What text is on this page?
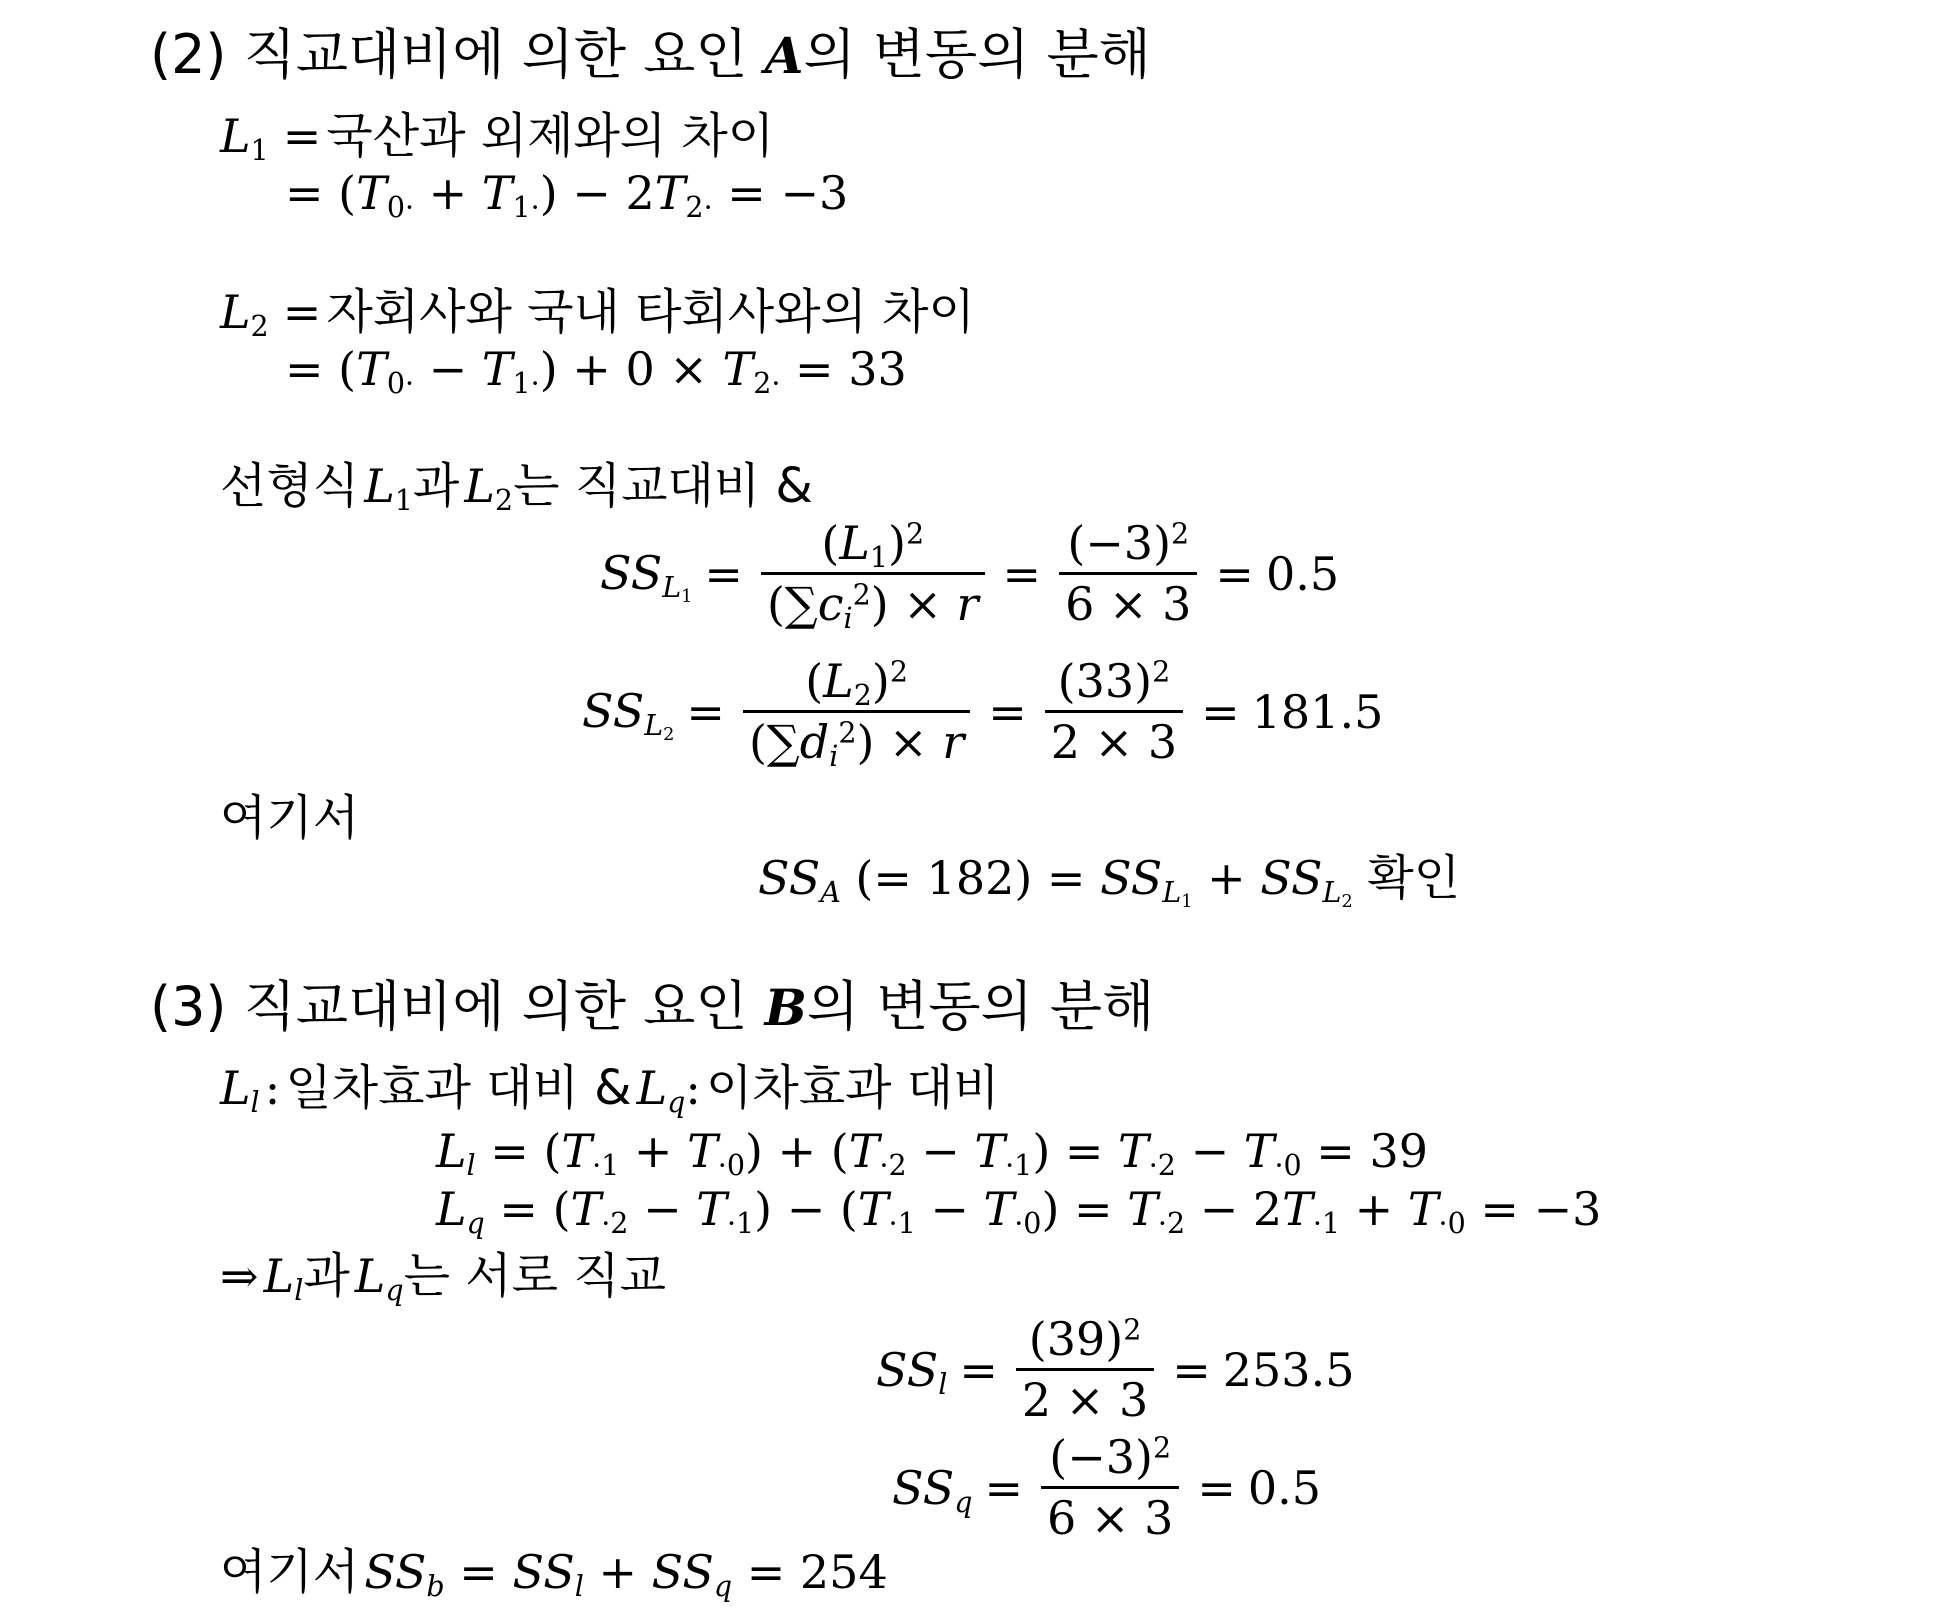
(2) 직교대비에 의한 요인 A의 변동의 분해
$L_1$ = 국산과 외제와의 차이
= $(T_{0\cdot} + T_{1\cdot}) - 2T_{2\cdot} = -3$
$L_2$ = 자회사와 국내 타회사와의 차이
= $(T_{0\cdot} - T_{1\cdot}) + 0 \times T_{2\cdot} = 33$
선형식 $L_1$과 $L_2$는 직교대비 &
$SS_{L_1} = \frac{(L_1)^2}{(\sum c_i^2) \times r} = \frac{(-3)^2}{6 \times 3} = 0.5$
$SS_{L_2} = \frac{(L_2)^2}{(\sum d_i^2) \times r} = \frac{(33)^2}{2 \times 3} = 181.5$
여기서
$SS_A$ (= $182) = SS_{L_1} + SS_{L_2}$ 확인
(3) 직교대비에 의한 요인 B의 변동의 분해
$L_l$ : 일차효과 대비 & $L_q$: 이차효과 대비
$L_l = (T_{\cdot 1} + T_{\cdot 0}) + (T_{\cdot 2} - T_{\cdot 1}) = T_{\cdot 2} - T_{\cdot 0} = 39$
$L_q = (T_{\cdot 2} - T_{\cdot 1}) - (T_{\cdot 1} - T_{\cdot 0}) = T_{\cdot 2} - 2T_{\cdot 1} + T_{\cdot 0} = -3$
⇒ $L_l$과 $L_q$는 서로 직교
$SS_l = \frac{(39)^2}{2 \times 3} = 253.5$
$SS_q = \frac{(-3)^2}{6 \times 3} = 0.5$
여기서 $SS_b = SS_l + SS_q = 254$
